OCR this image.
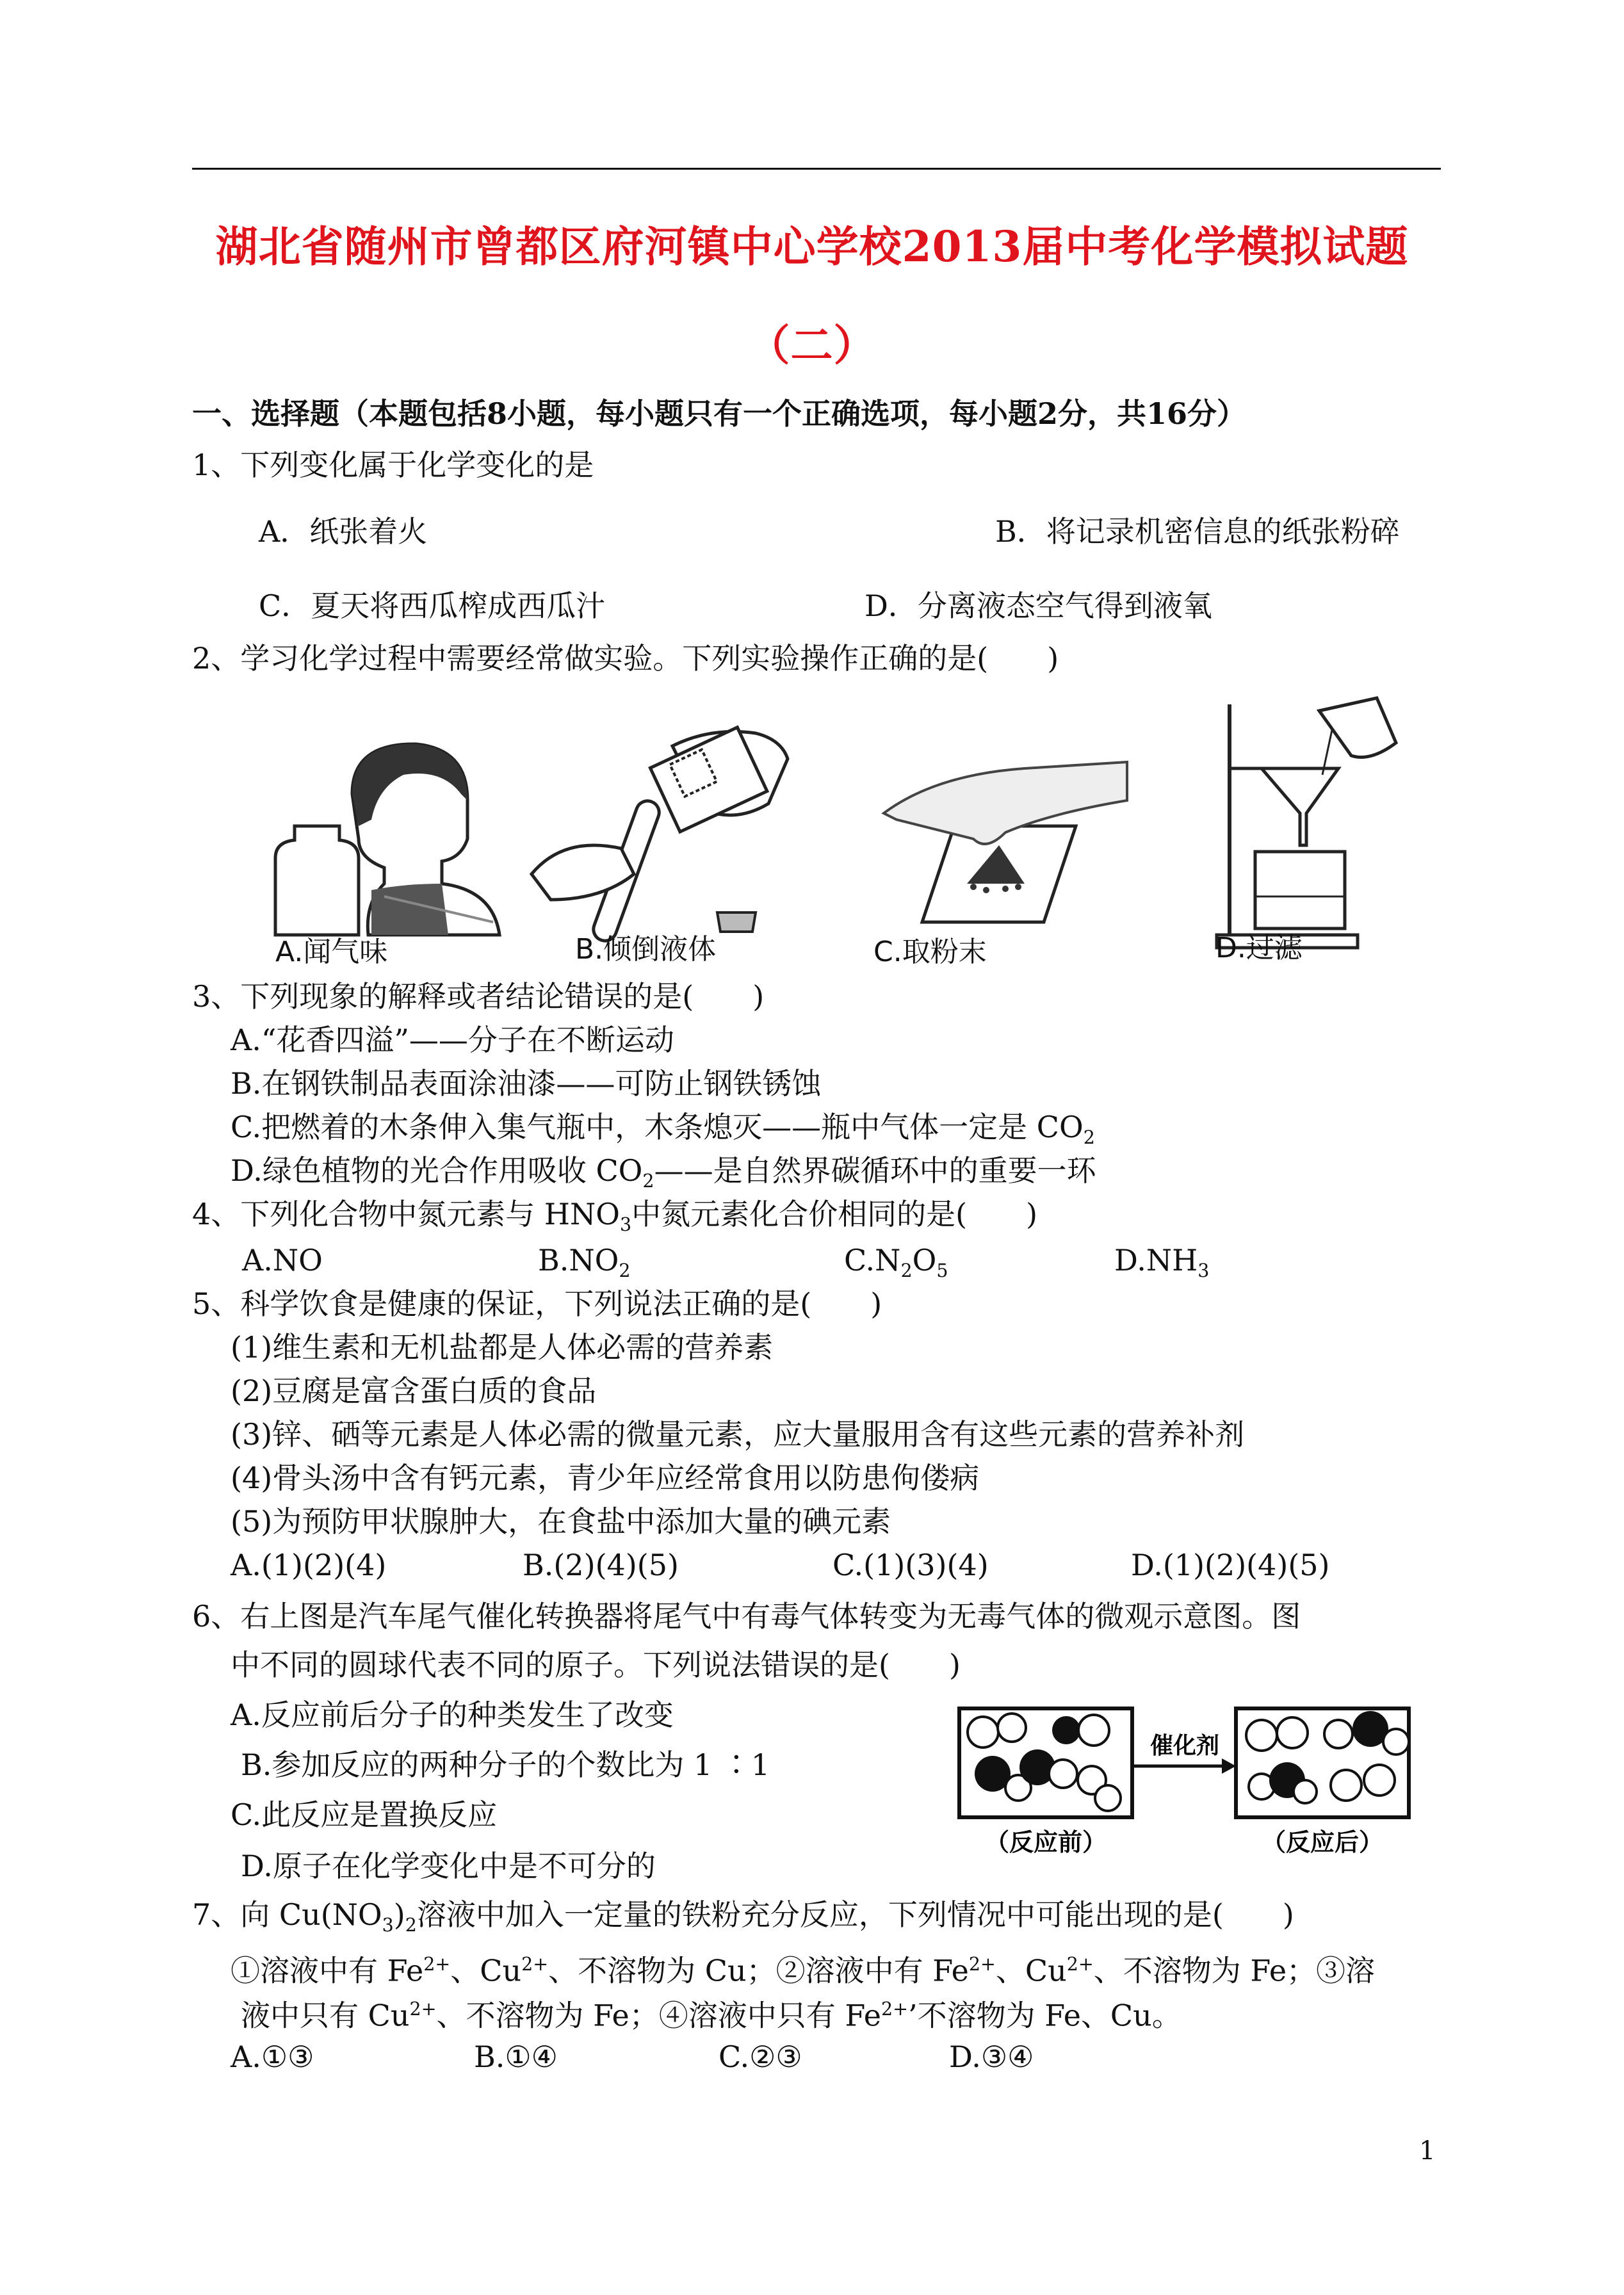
湖北省随州市曾都区府河镇中心学校2013届中考化学模拟试题
（二）
一、选择题（本题包括8小题，每小题只有一个正确选项，每小题2分，共16分）
1、下列变化属于化学变化的是
A．纸张着火	B．将记录机密信息的纸张粉碎
C．夏天将西瓜榨成西瓜汁	D．分离液态空气得到液氧
2、学习化学过程中需要经常做实验。下列实验操作正确的是(　　)
A.闻气味	B.倾倒液体	C.取粉末	D.过滤
3、下列现象的解释或者结论错误的是(　　)
A.“花香四溢”——分子在不断运动
B.在钢铁制品表面涂油漆——可防止钢铁锈蚀
C.把燃着的木条伸入集气瓶中，木条熄灭——瓶中气体一定是 $CO_2$
D.绿色植物的光合作用吸收 $CO_2——$是自然界碳循环中的重要一环
4、下列化合物中氮元素与 $HNO_3$中氮元素化合价相同的是(　　)
A.NO	$B.NO_2$	$C.N_2O_5$	$D.NH_3$
5、科学饮食是健康的保证，下列说法正确的是(　　)
(1)维生素和无机盐都是人体必需的营养素
(2)豆腐是富含蛋白质的食品
(3)锌、硒等元素是人体必需的微量元素，应大量服用含有这些元素的营养补剂
(4)骨头汤中含有钙元素，青少年应经常食用以防患佝偻病
(5)为预防甲状腺肿大，在食盐中添加大量的碘元素
A.(1)(2)(4)	B.(2)(4)(5)	C.(1)(3)(4)	D.(1)(2)(4)(5)
6、右上图是汽车尾气催化转换器将尾气中有毒气体转变为无毒气体的微观示意图。图
中不同的圆球代表不同的原子。下列说法错误的是(　　)
A.反应前后分子的种类发生了改变
B.参加反应的两种分子的个数比为 1 ∶1
C.此反应是置换反应
D.原子在化学变化中是不可分的
催化剂
（反应前）	（反应后）
7、向 $Cu(NO_3)_2$溶液中加入一定量的铁粉充分反应，下列情况中可能出现的是(　　)
①溶液中有 $Fe^{2+}$、$Cu^{2+}$、不溶物为 Cu；②溶液中有 $Fe^{2+}$、$Cu^{2+}$、不溶物为 Fe；③溶
液中只有 $Cu^{2+}$、不溶物为 Fe；④溶液中只有 $Fe^{2+}$’不溶物为 Fe、Cu。
A.①③	B.①④	C.②③	D.③④
1
